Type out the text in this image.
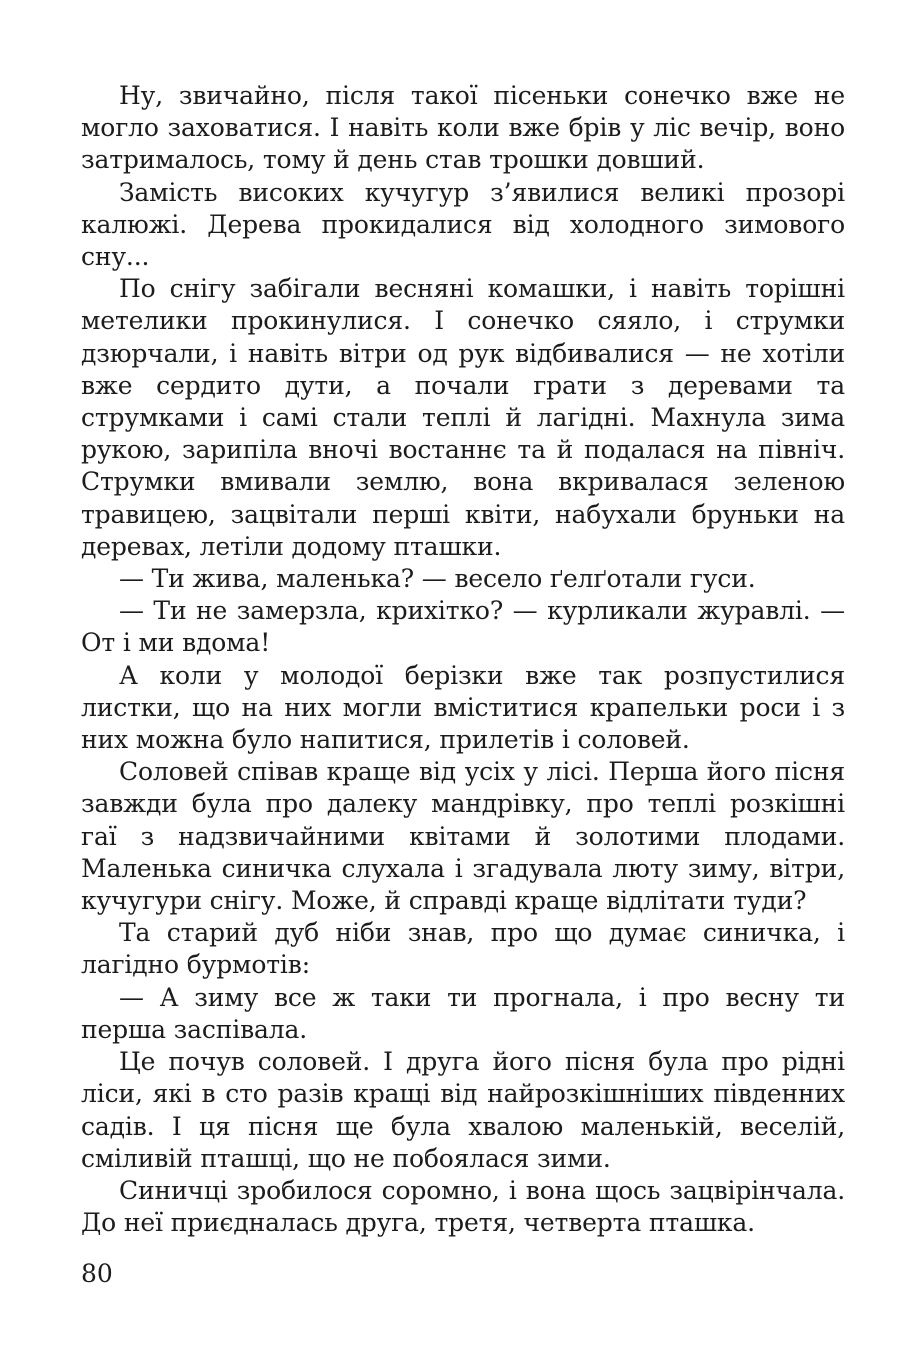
Ну, звичайно, після такої пісеньки сонечко вже не могло заховатися. І навіть коли вже брів у ліс вечір, воно затрималось, тому й день став трошки довший.

Замість високих кучугур з’явилися великі прозорі калюжі. Дерева прокидалися від холодного зимового сну...

По снігу забігали весняні комашки, і навіть торішні метелики прокинулися. І сонечко сяяло, і струмки дзюрчали, і навіть вітри од рук відбивалися — не хотіли вже сердито дути, а почали грати з деревами та струмками і самі стали теплі й лагідні. Махнула зима рукою, зарипіла вночі востаннє та й подалася на північ. Струмки вмивали землю, вона вкривалася зеленою травицею, зацвітали перші квіти, набухали бруньки на деревах, летіли додому пташки.

— Ти жива, маленька? — весело ґелґотали гуси.

— Ти не замерзла, крихітко? — курликали журавлі. — От і ми вдома!

А коли у молодої берізки вже так розпустилися листки, що на них могли вміститися крапельки роси і з них можна було напитися, прилетів і соловей.

Соловей співав краще від усіх у лісі. Перша його пісня завжди була про далеку мандрівку, про теплі розкішні гаї з надзвичайними квітами й золотими плодами. Маленька синичка слухала і згадувала люту зиму, вітри, кучугури снігу. Може, й справді краще відлітати туди?

Та старий дуб ніби знав, про що думає синичка, і лагідно бурмотів:

— А зиму все ж таки ти прогнала, і про весну ти перша заспівала.

Це почув соловей. І друга його пісня була про рідні ліси, які в сто разів кращі від найрозкішніших південних садів. І ця пісня ще була хвалою маленькій, веселій, сміливій пташці, що не побоялася зими.

Синичці зробилося соромно, і вона щось зацвірінчала. До неї приєдналась друга, третя, четверта пташка.

80
